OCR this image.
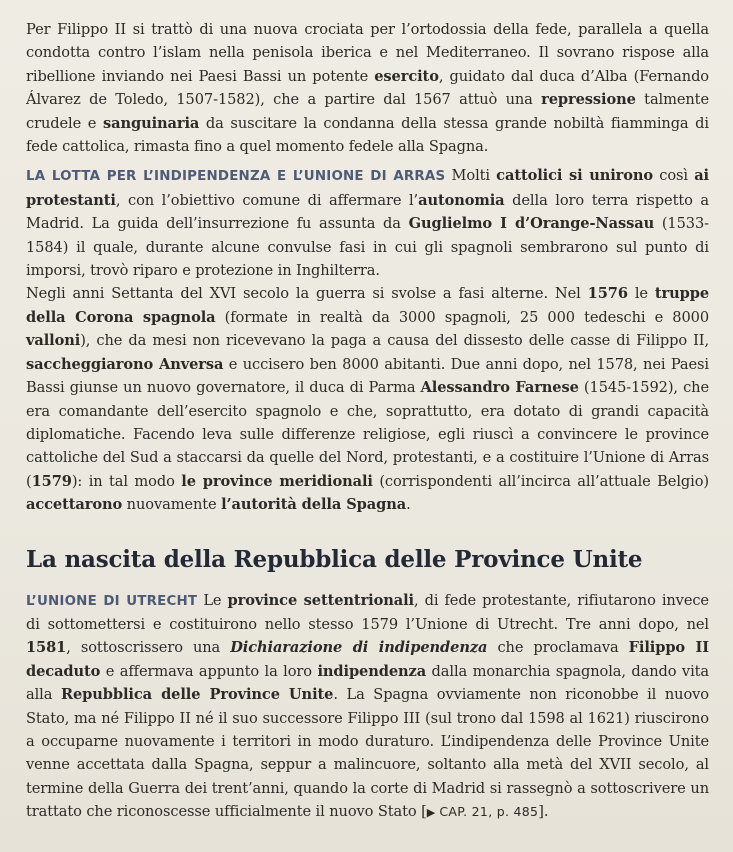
Per Filippo II si trattò di una nuova crociata per l’ortodossia della fede, parallela a quella condotta contro l’islam nella penisola iberica e nel Mediterraneo. Il sovrano rispose alla ribellione inviando nei Paesi Bassi un potente esercito, guidato dal duca d’Alba (Fernando Álvarez de Toledo, 1507-1582), che a partire dal 1567 attuò una repressione talmente crudele e sanguinaria da suscitare la condanna della stessa grande nobiltà fiamminga di fede cattolica, rimasta fino a quel momento fedele alla Spagna.

LA LOTTA PER L’INDIPENDENZA E L’UNIONE DI ARRAS Molti cattolici si unirono così ai protestanti, con l’obiettivo comune di affermare l’autonomia della loro terra rispetto a Madrid. La guida dell’insurrezione fu assunta da Guglielmo I d’Orange-Nassau (1533-1584) il quale, durante alcune convulse fasi in cui gli spagnoli sembrarono sul punto di imporsi, trovò riparo e protezione in Inghilterra.

Negli anni Settanta del XVI secolo la guerra si svolse a fasi alterne. Nel 1576 le truppe della Corona spagnola (formate in realtà da 3000 spagnoli, 25 000 tedeschi e 8000 valloni), che da mesi non ricevevano la paga a causa del dissesto delle casse di Filippo II, saccheggiarono Anversa e uccisero ben 8000 abitanti. Due anni dopo, nel 1578, nei Paesi Bassi giunse un nuovo governatore, il duca di Parma Alessandro Farnese (1545-1592), che era comandante dell’esercito spagnolo e che, soprattutto, era dotato di grandi capacità diplomatiche. Facendo leva sulle differenze religiose, egli riuscì a convincere le province cattoliche del Sud a staccarsi da quelle del Nord, protestanti, e a costituire l’Unione di Arras (1579): in tal modo le province meridionali (corrispondenti all’incirca all’attuale Belgio) accettarono nuovamente l’autorità della Spagna.

La nascita della Repubblica delle Province Unite

L’UNIONE DI UTRECHT Le province settentrionali, di fede protestante, rifiutarono invece di sottomettersi e costituirono nello stesso 1579 l’Unione di Utrecht. Tre anni dopo, nel 1581, sottoscrissero una Dichiarazione di indipendenza che proclamava Filippo II decaduto e affermava appunto la loro indipendenza dalla monarchia spagnola, dando vita alla Repubblica delle Province Unite. La Spagna ovviamente non riconobbe il nuovo Stato, ma né Filippo II né il suo successore Filippo III (sul trono dal 1598 al 1621) riuscirono a occuparne nuovamente i territori in modo duraturo. L’indipendenza delle Province Unite venne accettata dalla Spagna, seppur a malincuore, soltanto alla metà del XVII secolo, al termine della Guerra dei trent’anni, quando la corte di Madrid si rassegnò a sottoscrivere un trattato che riconoscesse ufficialmente il nuovo Stato [▶ CAP. 21, p. 485].
